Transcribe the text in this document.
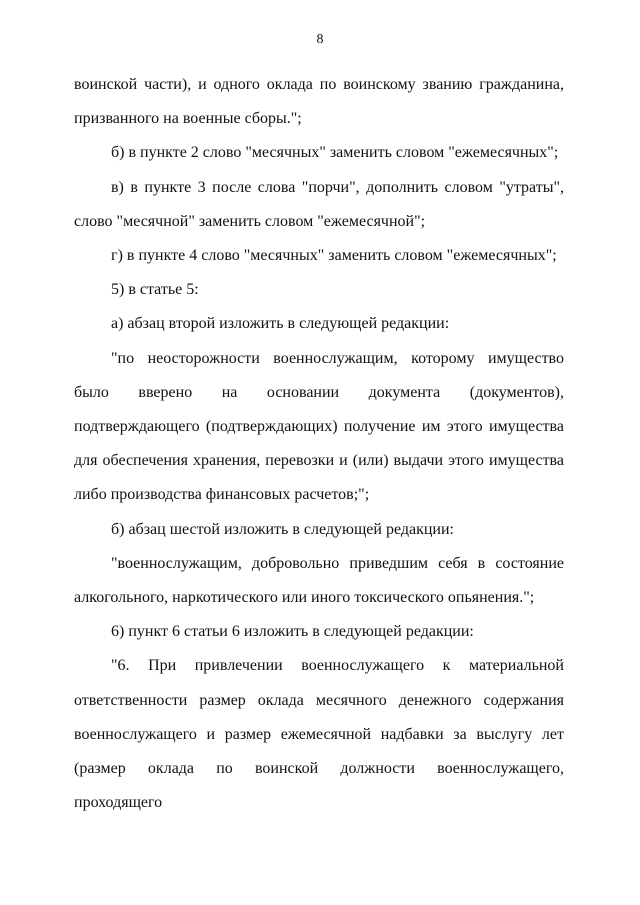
8

воинской части), и одного оклада по воинскому званию гражданина, призванного на военные сборы.";

б) в пункте 2 слово "месячных" заменить словом "ежемесячных";

в) в пункте 3 после слова "порчи", дополнить словом "утраты", слово "месячной" заменить словом "ежемесячной";

г) в пункте 4 слово "месячных" заменить словом "ежемесячных";

5) в статье 5:

а) абзац второй изложить в следующей редакции:

"по неосторожности военнослужащим, которому имущество было вверено на основании документа (документов), подтверждающего (подтверждающих) получение им этого имущества для обеспечения хранения, перевозки и (или) выдачи этого имущества либо производства финансовых расчетов;";

б) абзац шестой изложить в следующей редакции:

"военнослужащим, добровольно приведшим себя в состояние алкогольного, наркотического или иного токсического опьянения.";

6) пункт 6 статьи 6 изложить в следующей редакции:

"6. При привлечении военнослужащего к материальной ответственности размер оклада месячного денежного содержания военнослужащего и размер ежемесячной надбавки за выслугу лет (размер оклада по воинской должности военнослужащего, проходящего
